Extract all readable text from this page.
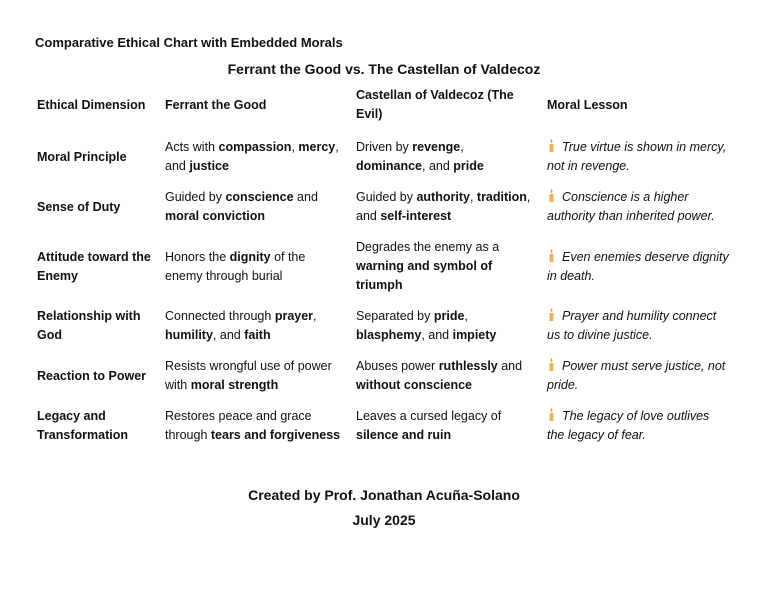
Comparative Ethical Chart with Embedded Morals
Ferrant the Good vs. The Castellan of Valdecoz
Ethical Dimension	Ferrant the Good	Castellan of Valdecoz (The Evil)	Moral Lesson
Moral Principle	Acts with compassion, mercy, and justice	Driven by revenge, dominance, and pride	True virtue is shown in mercy, not in revenge.
Sense of Duty	Guided by conscience and moral conviction	Guided by authority, tradition, and self-interest	Conscience is a higher authority than inherited power.
Attitude toward the Enemy	Honors the dignity of the enemy through burial	Degrades the enemy as a warning and symbol of triumph	Even enemies deserve dignity in death.
Relationship with God	Connected through prayer, humility, and faith	Separated by pride, blasphemy, and impiety	Prayer and humility connect us to divine justice.
Reaction to Power	Resists wrongful use of power with moral strength	Abuses power ruthlessly and without conscience	Power must serve justice, not pride.
Legacy and Transformation	Restores peace and grace through tears and forgiveness	Leaves a cursed legacy of silence and ruin	The legacy of love outlives the legacy of fear.

Created by Prof. Jonathan Acuña-Solano

July 2025
